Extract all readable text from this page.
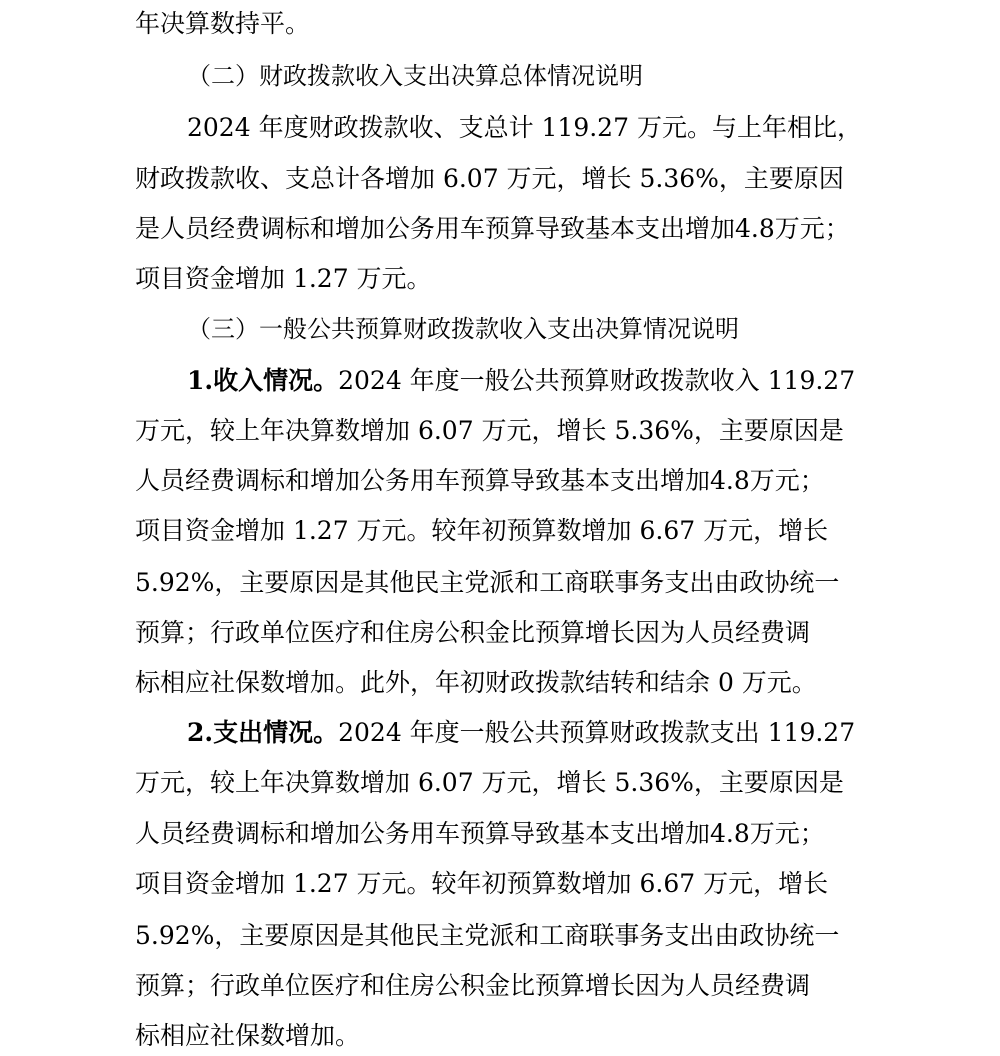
年决算数持平。

（二）财政拨款收入支出决算总体情况说明

2024 年度财政拨款收、支总计 119.27 万元。与上年相比，

财政拨款收、支总计各增加 6.07 万元，增长 5.36%，主要原因

是人员经费调标和增加公务用车预算导致基本支出增加4.8万元；

项目资金增加 1.27 万元。

（三）一般公共预算财政拨款收入支出决算情况说明

1.收入情况。2024 年度一般公共预算财政拨款收入 119.27

万元，较上年决算数增加 6.07 万元，增长 5.36%，主要原因是

人员经费调标和增加公务用车预算导致基本支出增加4.8万元；

项目资金增加 1.27 万元。较年初预算数增加 6.67 万元，增长

5.92%，主要原因是其他民主党派和工商联事务支出由政协统一

预算；行政单位医疗和住房公积金比预算增长因为人员经费调

标相应社保数增加。此外，年初财政拨款结转和结余 0 万元。

2.支出情况。2024 年度一般公共预算财政拨款支出 119.27

万元，较上年决算数增加 6.07 万元，增长 5.36%，主要原因是

人员经费调标和增加公务用车预算导致基本支出增加4.8万元；

项目资金增加 1.27 万元。较年初预算数增加 6.67 万元，增长

5.92%，主要原因是其他民主党派和工商联事务支出由政协统一

预算；行政单位医疗和住房公积金比预算增长因为人员经费调

标相应社保数增加。
